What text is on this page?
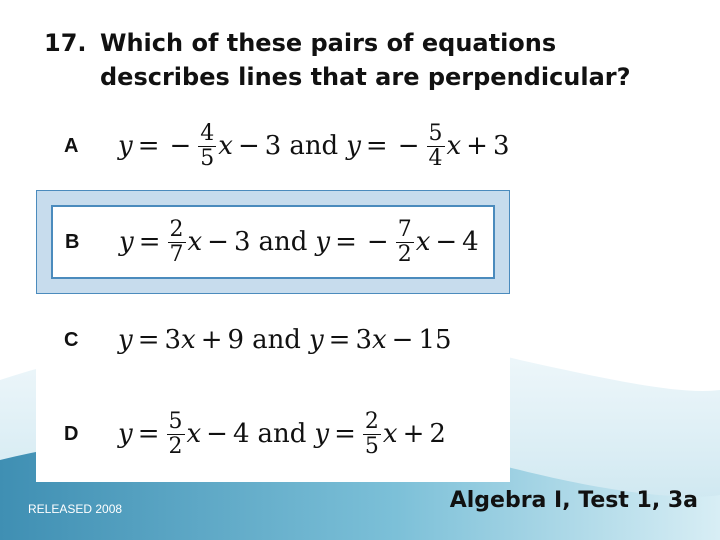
17. Which of these pairs of equations
describes lines that are perpendicular?
A y = − $\frac{4}{5}$ x − 3 and y = − $\frac{5}{4}$ x + 3
B $y = \frac{2}{7}$ x − 3 and y = − $\frac{7}{2}$ x − 4
C y = 3 x + 9 and y = 3 x − 15
D $y = \frac{5}{2}$ x − 4 and $y = \frac{2}{5}$ x + 2
RELEASED 2008	Algebra I, Test 1, 3a
